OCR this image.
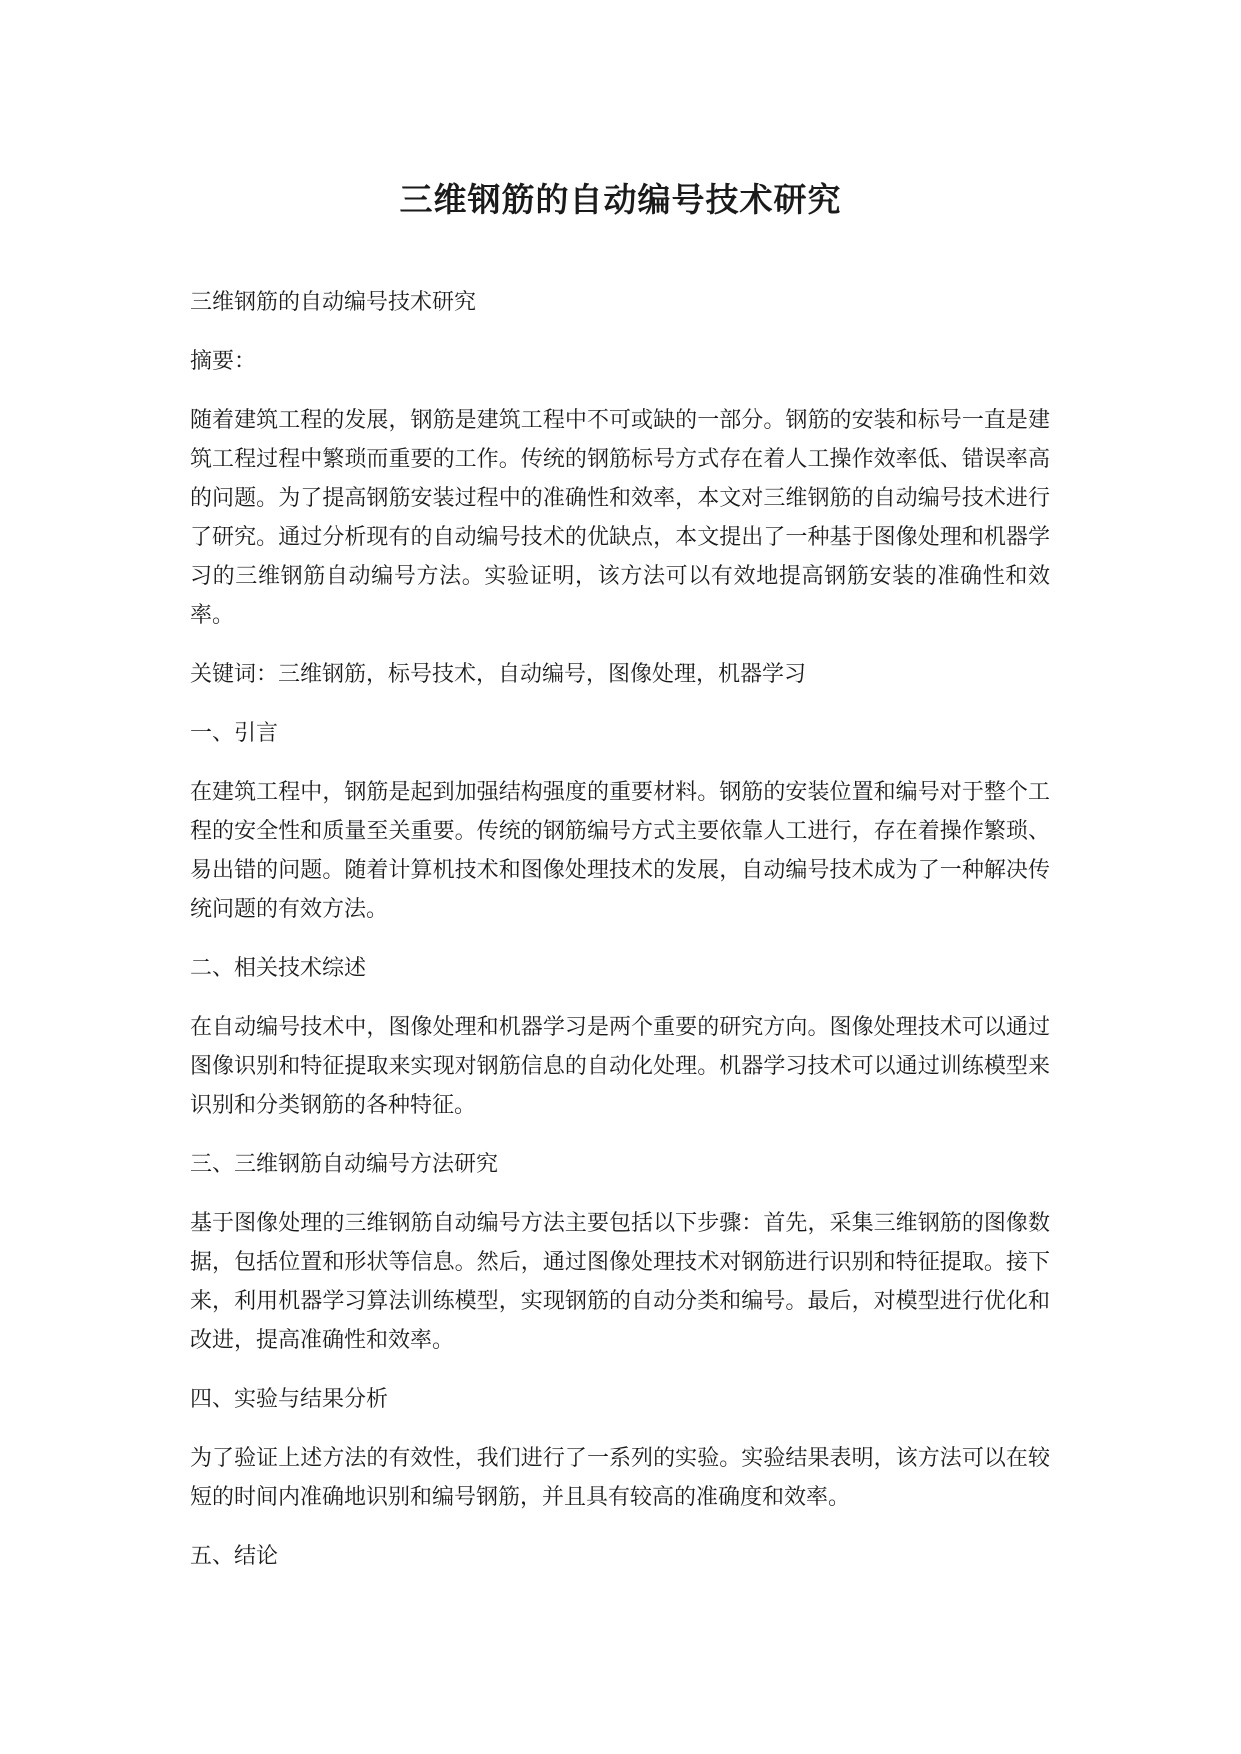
三维钢筋的自动编号技术研究

三维钢筋的自动编号技术研究

摘要：

随着建筑工程的发展，钢筋是建筑工程中不可或缺的一部分。钢筋的安装和标号一直是建筑工程过程中繁琐而重要的工作。传统的钢筋标号方式存在着人工操作效率低、错误率高的问题。为了提高钢筋安装过程中的准确性和效率，本文对三维钢筋的自动编号技术进行了研究。通过分析现有的自动编号技术的优缺点，本文提出了一种基于图像处理和机器学习的三维钢筋自动编号方法。实验证明，该方法可以有效地提高钢筋安装的准确性和效率。

关键词：三维钢筋，标号技术，自动编号，图像处理，机器学习

一、引言

在建筑工程中，钢筋是起到加强结构强度的重要材料。钢筋的安装位置和编号对于整个工程的安全性和质量至关重要。传统的钢筋编号方式主要依靠人工进行，存在着操作繁琐、易出错的问题。随着计算机技术和图像处理技术的发展，自动编号技术成为了一种解决传统问题的有效方法。

二、相关技术综述

在自动编号技术中，图像处理和机器学习是两个重要的研究方向。图像处理技术可以通过图像识别和特征提取来实现对钢筋信息的自动化处理。机器学习技术可以通过训练模型来识别和分类钢筋的各种特征。

三、三维钢筋自动编号方法研究

基于图像处理的三维钢筋自动编号方法主要包括以下步骤：首先，采集三维钢筋的图像数据，包括位置和形状等信息。然后，通过图像处理技术对钢筋进行识别和特征提取。接下来，利用机器学习算法训练模型，实现钢筋的自动分类和编号。最后，对模型进行优化和改进，提高准确性和效率。

四、实验与结果分析

为了验证上述方法的有效性，我们进行了一系列的实验。实验结果表明，该方法可以在较短的时间内准确地识别和编号钢筋，并且具有较高的准确度和效率。

五、结论
